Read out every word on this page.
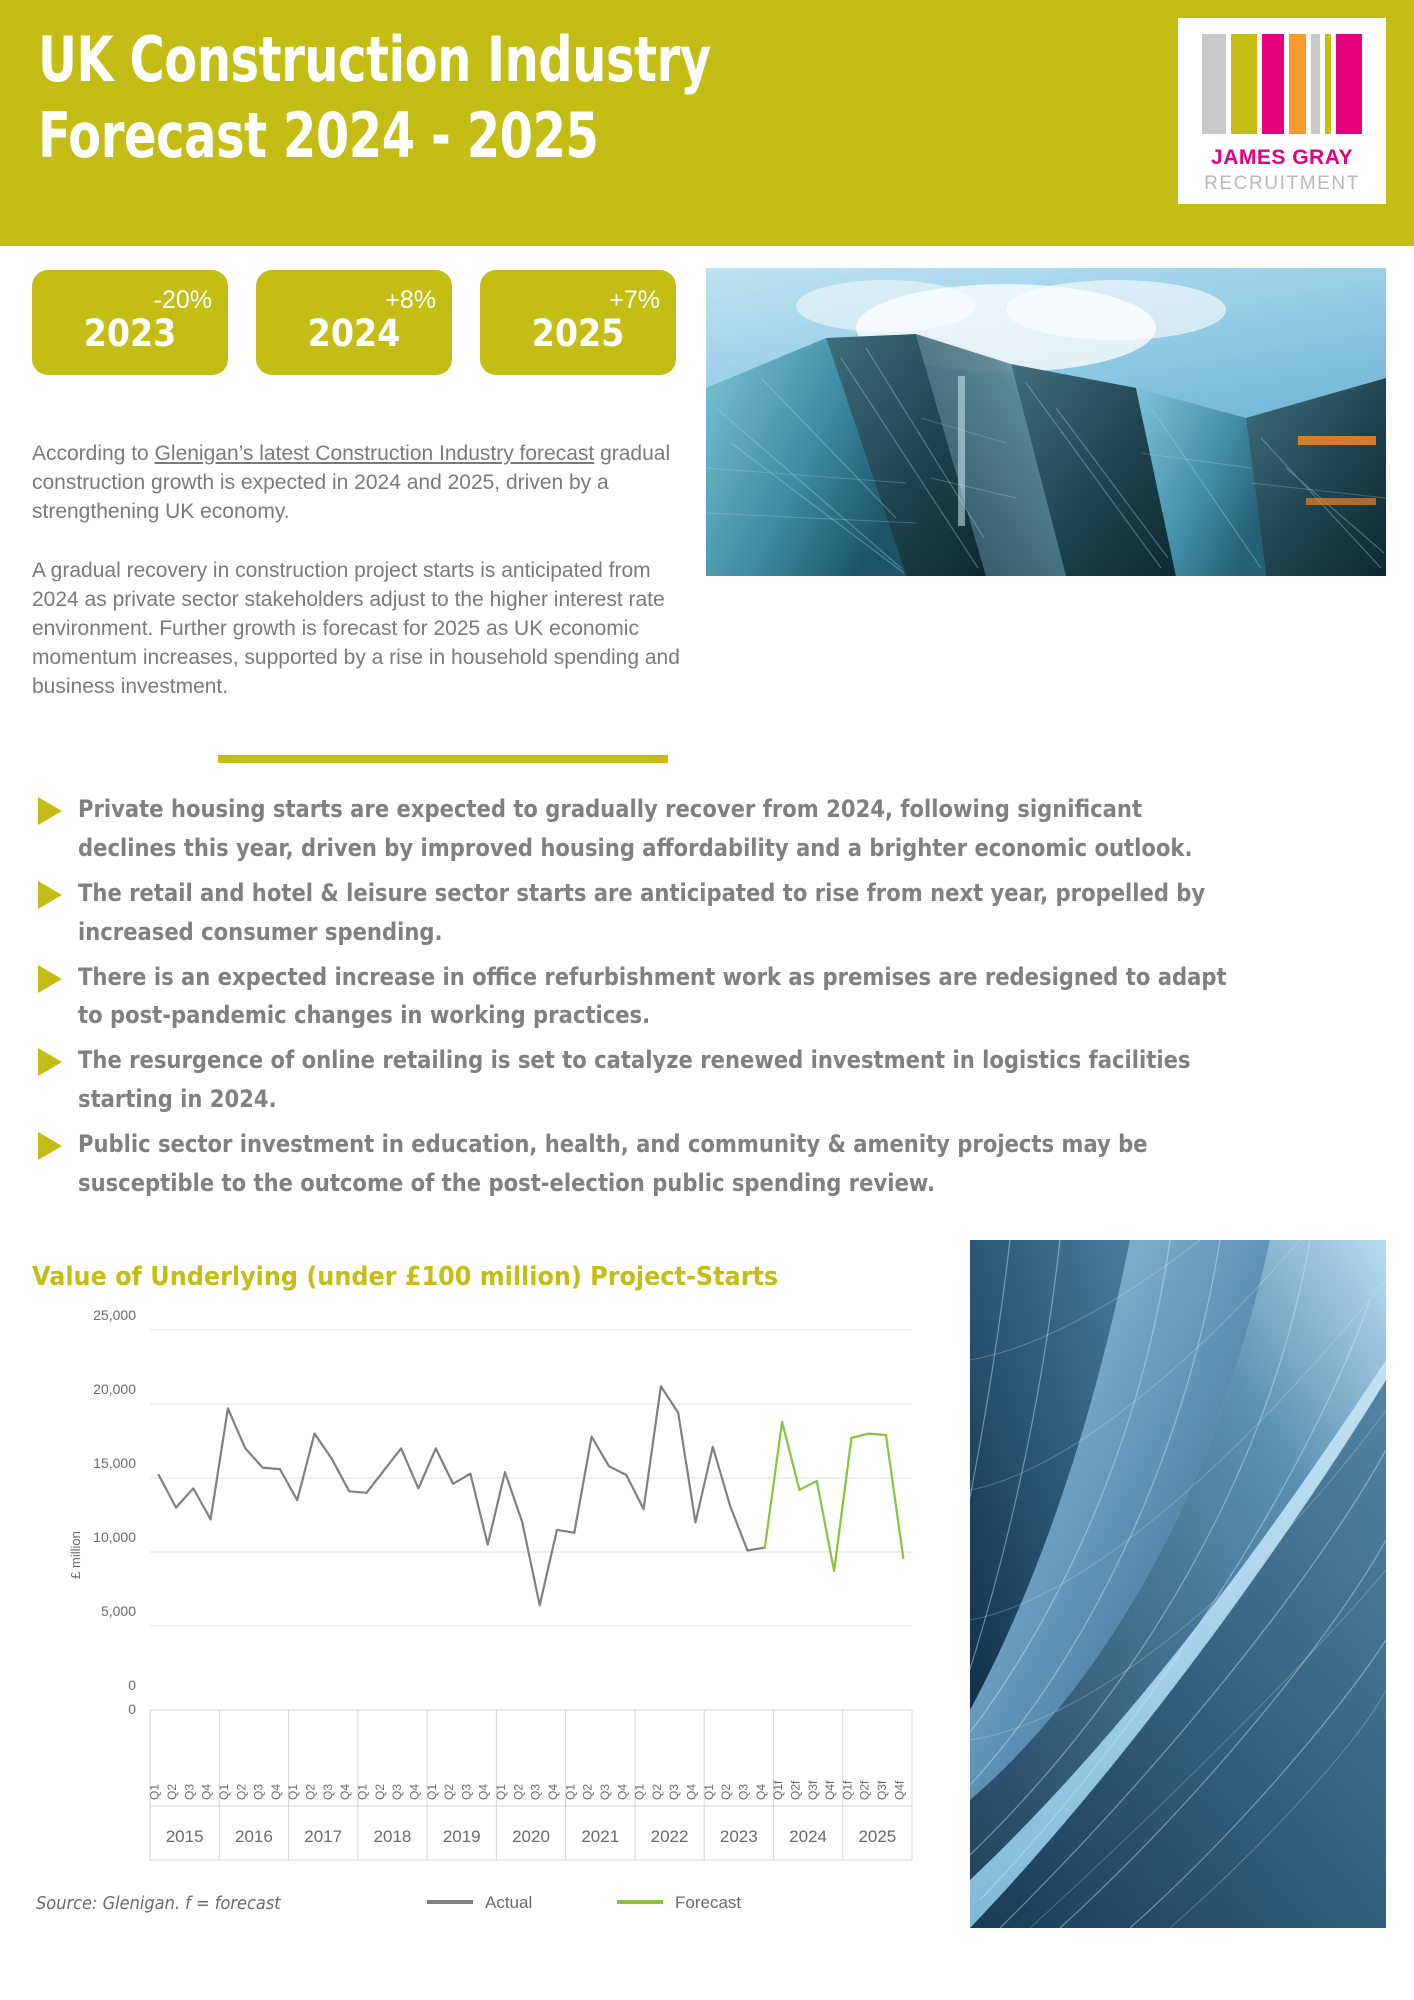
UK Construction Industry
Forecast 2024 - 2025	JAMES GRAY
RECRUITMENT
-20%
2023
+8%
2024
+7%
2025

According to Glenigan’s latest Construction Industry forecast gradual construction growth is expected in 2024 and 2025, driven by a strengthening UK economy.

A gradual recovery in construction project starts is anticipated from 2024 as private sector stakeholders adjust to the higher interest rate environment. Further growth is forecast for 2025 as UK economic momentum increases, supported by a rise in household spending and business investment.

Private housing starts are expected to gradually recover from 2024, following significant declines this year, driven by improved housing affordability and a brighter economic outlook.
The retail and hotel & leisure sector starts are anticipated to rise from next year, propelled by increased consumer spending.
There is an expected increase in office refurbishment work as premises are redesigned to adapt to post-pandemic changes in working practices.
The resurgence of online retailing is set to catalyze renewed investment in logistics facilities starting in 2024.
Public sector investment in education, health, and community & amenity projects may be susceptible to the outcome of the post-election public spending review.
Value of Underlying (under £100 million) Project-Starts
0
5,000
10,000
15,000
20,000
25,000
£ million
Q1 Q2 Q3 Q4
2015
Q1 Q2 Q3 Q4
2016
Q1 Q2 Q3 Q4
2017
Q1 Q2 Q3 Q4
2018
Q1 Q2 Q3 Q4
2019
Q1 Q2 Q3 Q4
2020
Q1 Q2 Q3 Q4
2021
Q1 Q2 Q3 Q4
2022
Q1 Q2 Q3 Q4
2023
Q1f Q2f Q3f Q4f
2024
Q1f Q2f Q3f Q4f
2025
0
Actual	Forecast
Source: Glenigan. f = forecast
